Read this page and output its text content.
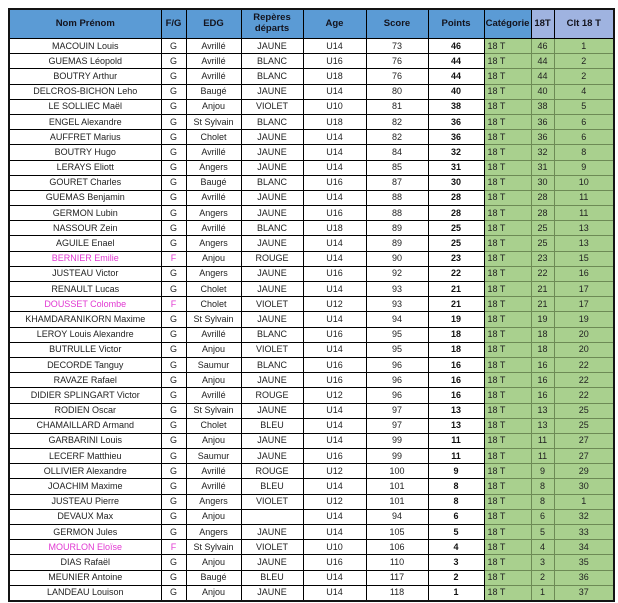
Nom Prénom	F/G	EDG	Repères départs	Age	Score	Points	Catégorie	18T	Clt 18 T
MACOUIN Louis	G	Avrillé	JAUNE	U14	73	46	18 T	46	1
GUEMAS Léopold	G	Avrillé	BLANC	U16	76	44	18 T	44	2
BOUTRY Arthur	G	Avrillé	BLANC	U18	76	44	18 T	44	2
DELCROS-BICHON Leho	G	Baugé	JAUNE	U14	80	40	18 T	40	4
LE SOLLIEC Maël	G	Anjou	VIOLET	U10	81	38	18 T	38	5
ENGEL Alexandre	G	St Sylvain	BLANC	U18	82	36	18 T	36	6
AUFFRET Marius	G	Cholet	JAUNE	U14	82	36	18 T	36	6
BOUTRY Hugo	G	Avrillé	JAUNE	U14	84	32	18 T	32	8
LERAYS Eliott	G	Angers	JAUNE	U14	85	31	18 T	31	9
GOURET Charles	G	Baugé	BLANC	U16	87	30	18 T	30	10
GUEMAS Benjamin	G	Avrillé	JAUNE	U14	88	28	18 T	28	11
GERMON Lubin	G	Angers	JAUNE	U16	88	28	18 T	28	11
NASSOUR Zein	G	Avrillé	BLANC	U18	89	25	18 T	25	13
AGUILE Enael	G	Angers	JAUNE	U14	89	25	18 T	25	13
BERNIER Emilie	F	Anjou	ROUGE	U14	90	23	18 T	23	15
JUSTEAU Victor	G	Angers	JAUNE	U16	92	22	18 T	22	16
RENAULT Lucas	G	Cholet	JAUNE	U14	93	21	18 T	21	17
DOUSSET Colombe	F	Cholet	VIOLET	U12	93	21	18 T	21	17
KHAMDARANIKORN Maxime	G	St Sylvain	JAUNE	U14	94	19	18 T	19	19
LEROY Louis Alexandre	G	Avrillé	BLANC	U16	95	18	18 T	18	20
BUTRULLE Victor	G	Anjou	VIOLET	U14	95	18	18 T	18	20
DECORDE Tanguy	G	Saumur	BLANC	U16	96	16	18 T	16	22
RAVAZE Rafael	G	Anjou	JAUNE	U16	96	16	18 T	16	22
DIDIER SPLINGART Victor	G	Avrillé	ROUGE	U12	96	16	18 T	16	22
RODIEN Oscar	G	St Sylvain	JAUNE	U14	97	13	18 T	13	25
CHAMAILLARD Armand	G	Cholet	BLEU	U14	97	13	18 T	13	25
GARBARINI Louis	G	Anjou	JAUNE	U14	99	11	18 T	11	27
LECERF Matthieu	G	Saumur	JAUNE	U16	99	11	18 T	11	27
OLLIVIER Alexandre	G	Avrillé	ROUGE	U12	100	9	18 T	9	29
JOACHIM Maxime	G	Avrillé	BLEU	U14	101	8	18 T	8	30
JUSTEAU Pierre	G	Angers	VIOLET	U12	101	8	18 T	8	1
DEVAUX Max	G	Anjou		U14	94	6	18 T	6	32
GERMON Jules	G	Angers	JAUNE	U14	105	5	18 T	5	33
MOURLON Eloïse	F	St Sylvain	VIOLET	U10	106	4	18 T	4	34
DIAS Rafaël	G	Anjou	JAUNE	U16	110	3	18 T	3	35
MEUNIER Antoine	G	Baugé	BLEU	U14	117	2	18 T	2	36
LANDEAU Louison	G	Anjou	JAUNE	U14	118	1	18 T	1	37
